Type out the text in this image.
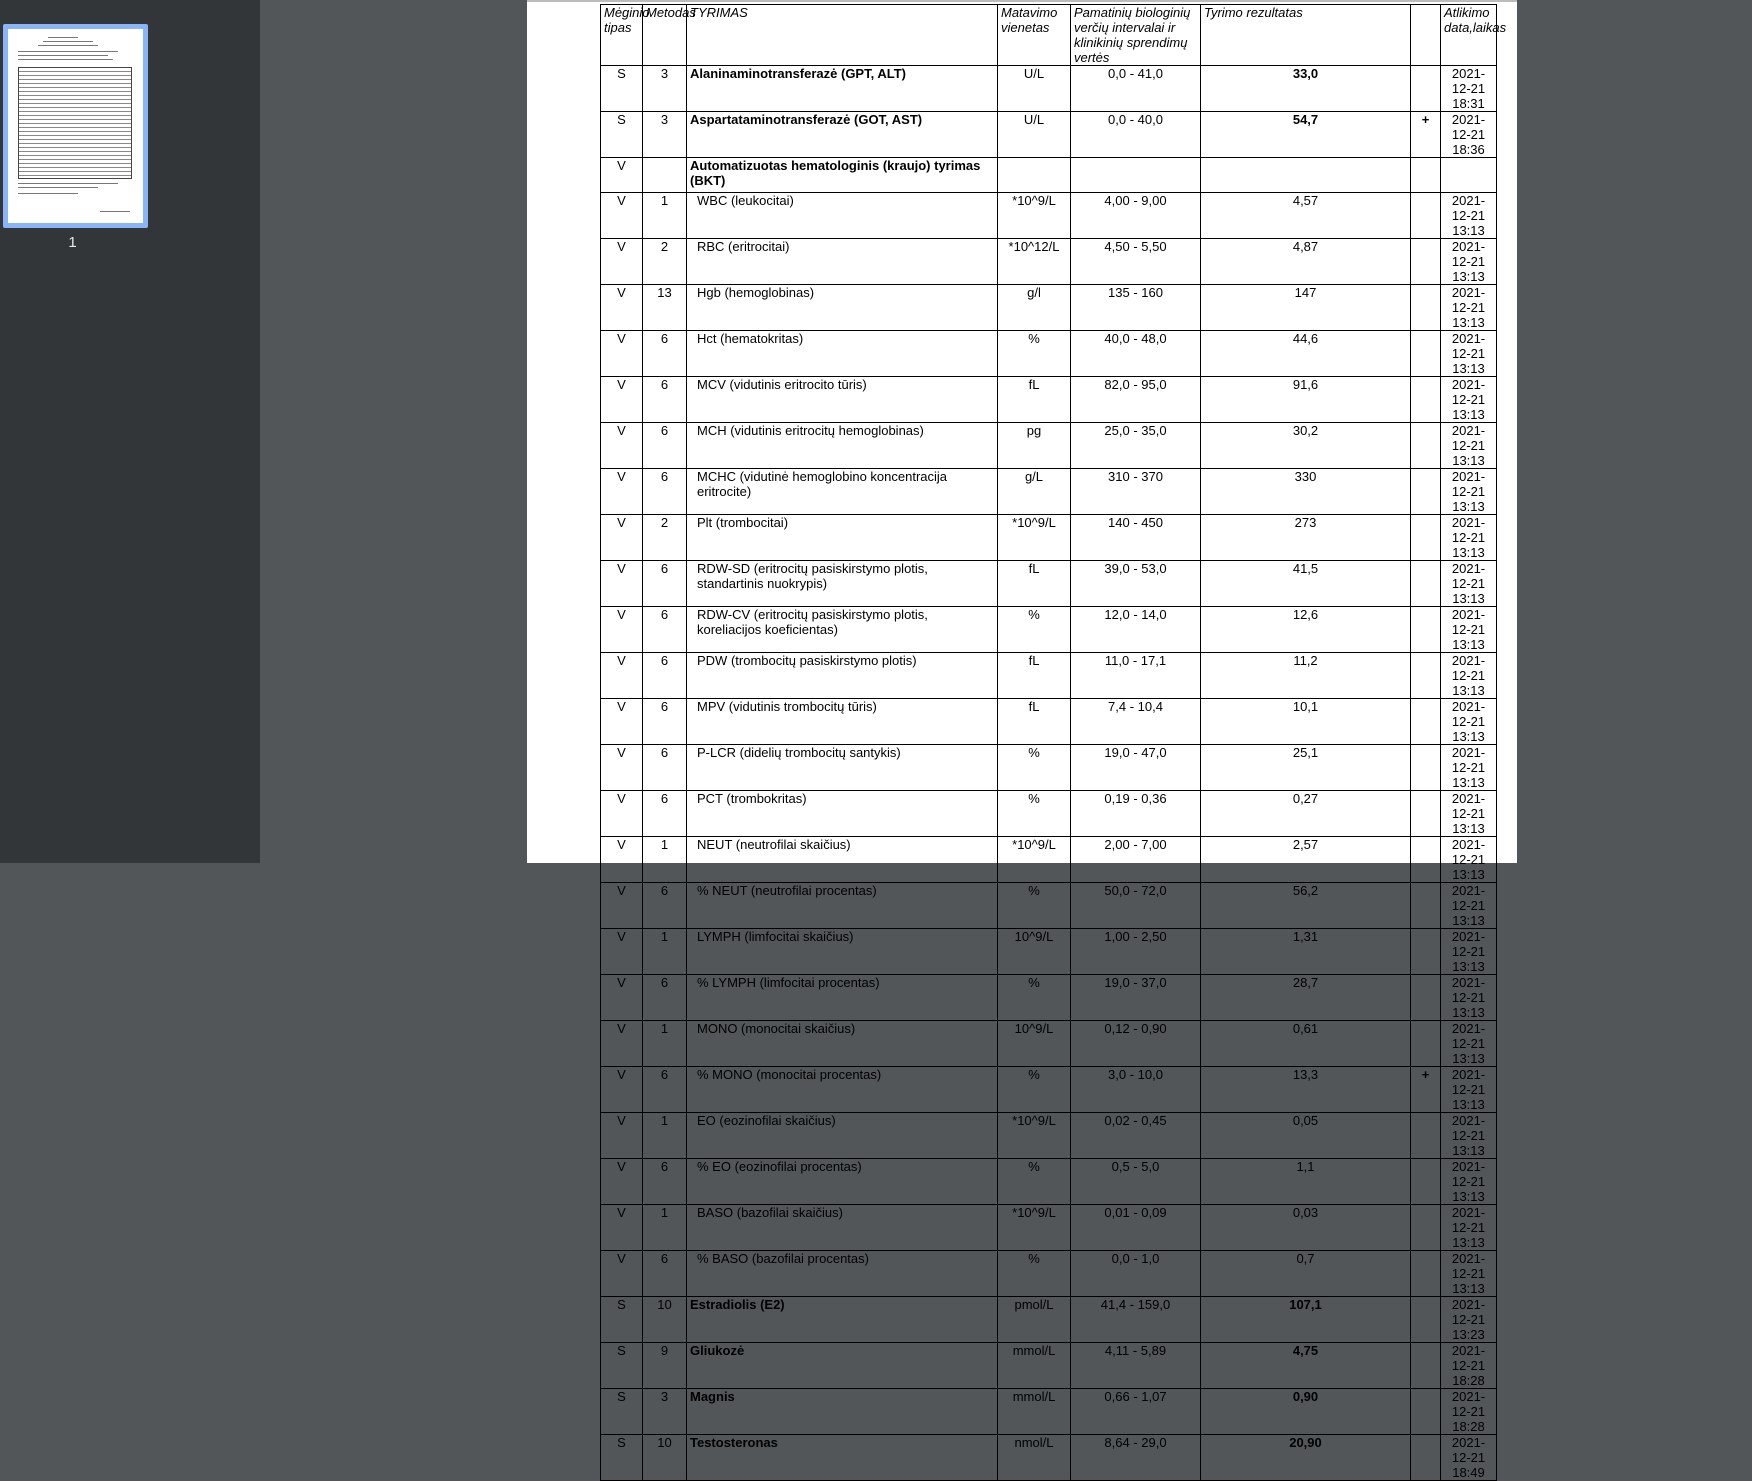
1
Mėginio tipas	Metodas	TYRIMAS	Matavimo vienetas	Pamatinių biologinių verčių intervalai ir klinikinių sprendimų vertės	Tyrimo rezultatas		Atlikimo data,laikas
S	3	Alaninaminotransferazė (GPT, ALT)	U/L	0,0 - 41,0	33,0		2021-12-21 18:31
S	3	Aspartataminotransferazė (GOT, AST)	U/L	0,0 - 40,0	54,7	+	2021-12-21 18:36
V		Automatizuotas hematologinis (kraujo) tyrimas (BKT)					
V	1	WBC (leukocitai)	*10^9/L	4,00 - 9,00	4,57		2021-12-21 13:13
V	2	RBC (eritrocitai)	*10^12/L	4,50 - 5,50	4,87		2021-12-21 13:13
V	13	Hgb (hemoglobinas)	g/l	135 - 160	147		2021-12-21 13:13
V	6	Hct (hematokritas)	%	40,0 - 48,0	44,6		2021-12-21 13:13
V	6	MCV (vidutinis eritrocito tūris)	fL	82,0 - 95,0	91,6		2021-12-21 13:13
V	6	MCH (vidutinis eritrocitų hemoglobinas)	pg	25,0 - 35,0	30,2		2021-12-21 13:13
V	6	MCHC (vidutinė hemoglobino koncentracija eritrocite)	g/L	310 - 370	330		2021-12-21 13:13
V	2	Plt (trombocitai)	*10^9/L	140 - 450	273		2021-12-21 13:13
V	6	RDW-SD (eritrocitų pasiskirstymo plotis, standartinis nuokrypis)	fL	39,0 - 53,0	41,5		2021-12-21 13:13
V	6	RDW-CV (eritrocitų pasiskirstymo plotis, koreliacijos koeficientas)	%	12,0 - 14,0	12,6		2021-12-21 13:13
V	6	PDW (trombocitų pasiskirstymo plotis)	fL	11,0 - 17,1	11,2		2021-12-21 13:13
V	6	MPV (vidutinis trombocitų tūris)	fL	7,4 - 10,4	10,1		2021-12-21 13:13
V	6	P-LCR (didelių trombocitų santykis)	%	19,0 - 47,0	25,1		2021-12-21 13:13
V	6	PCT (trombokritas)	%	0,19 - 0,36	0,27		2021-12-21 13:13
V	1	NEUT (neutrofilai skaičius)	*10^9/L	2,00 - 7,00	2,57		2021-12-21 13:13
V	6	% NEUT (neutrofilai procentas)	%	50,0 - 72,0	56,2		2021-12-21 13:13
V	1	LYMPH (limfocitai skaičius)	10^9/L	1,00 - 2,50	1,31		2021-12-21 13:13
V	6	% LYMPH (limfocitai procentas)	%	19,0 - 37,0	28,7		2021-12-21 13:13
V	1	MONO (monocitai skaičius)	10^9/L	0,12 - 0,90	0,61		2021-12-21 13:13
V	6	% MONO (monocitai procentas)	%	3,0 - 10,0	13,3	+	2021-12-21 13:13
V	1	EO (eozinofilai skaičius)	*10^9/L	0,02 - 0,45	0,05		2021-12-21 13:13
V	6	% EO (eozinofilai procentas)	%	0,5 - 5,0	1,1		2021-12-21 13:13
V	1	BASO (bazofilai skaičius)	*10^9/L	0,01 - 0,09	0,03		2021-12-21 13:13
V	6	% BASO (bazofilai procentas)	%	0,0 - 1,0	0,7		2021-12-21 13:13
S	10	Estradiolis (E2)	pmol/L	41,4 - 159,0	107,1		2021-12-21 13:23
S	9	Gliukozė	mmol/L	4,11 - 5,89	4,75		2021-12-21 18:28
S	3	Magnis	mmol/L	0,66 - 1,07	0,90		2021-12-21 18:28
S	10	Testosteronas	nmol/L	8,64 - 29,0	20,90		2021-12-21 18:49
